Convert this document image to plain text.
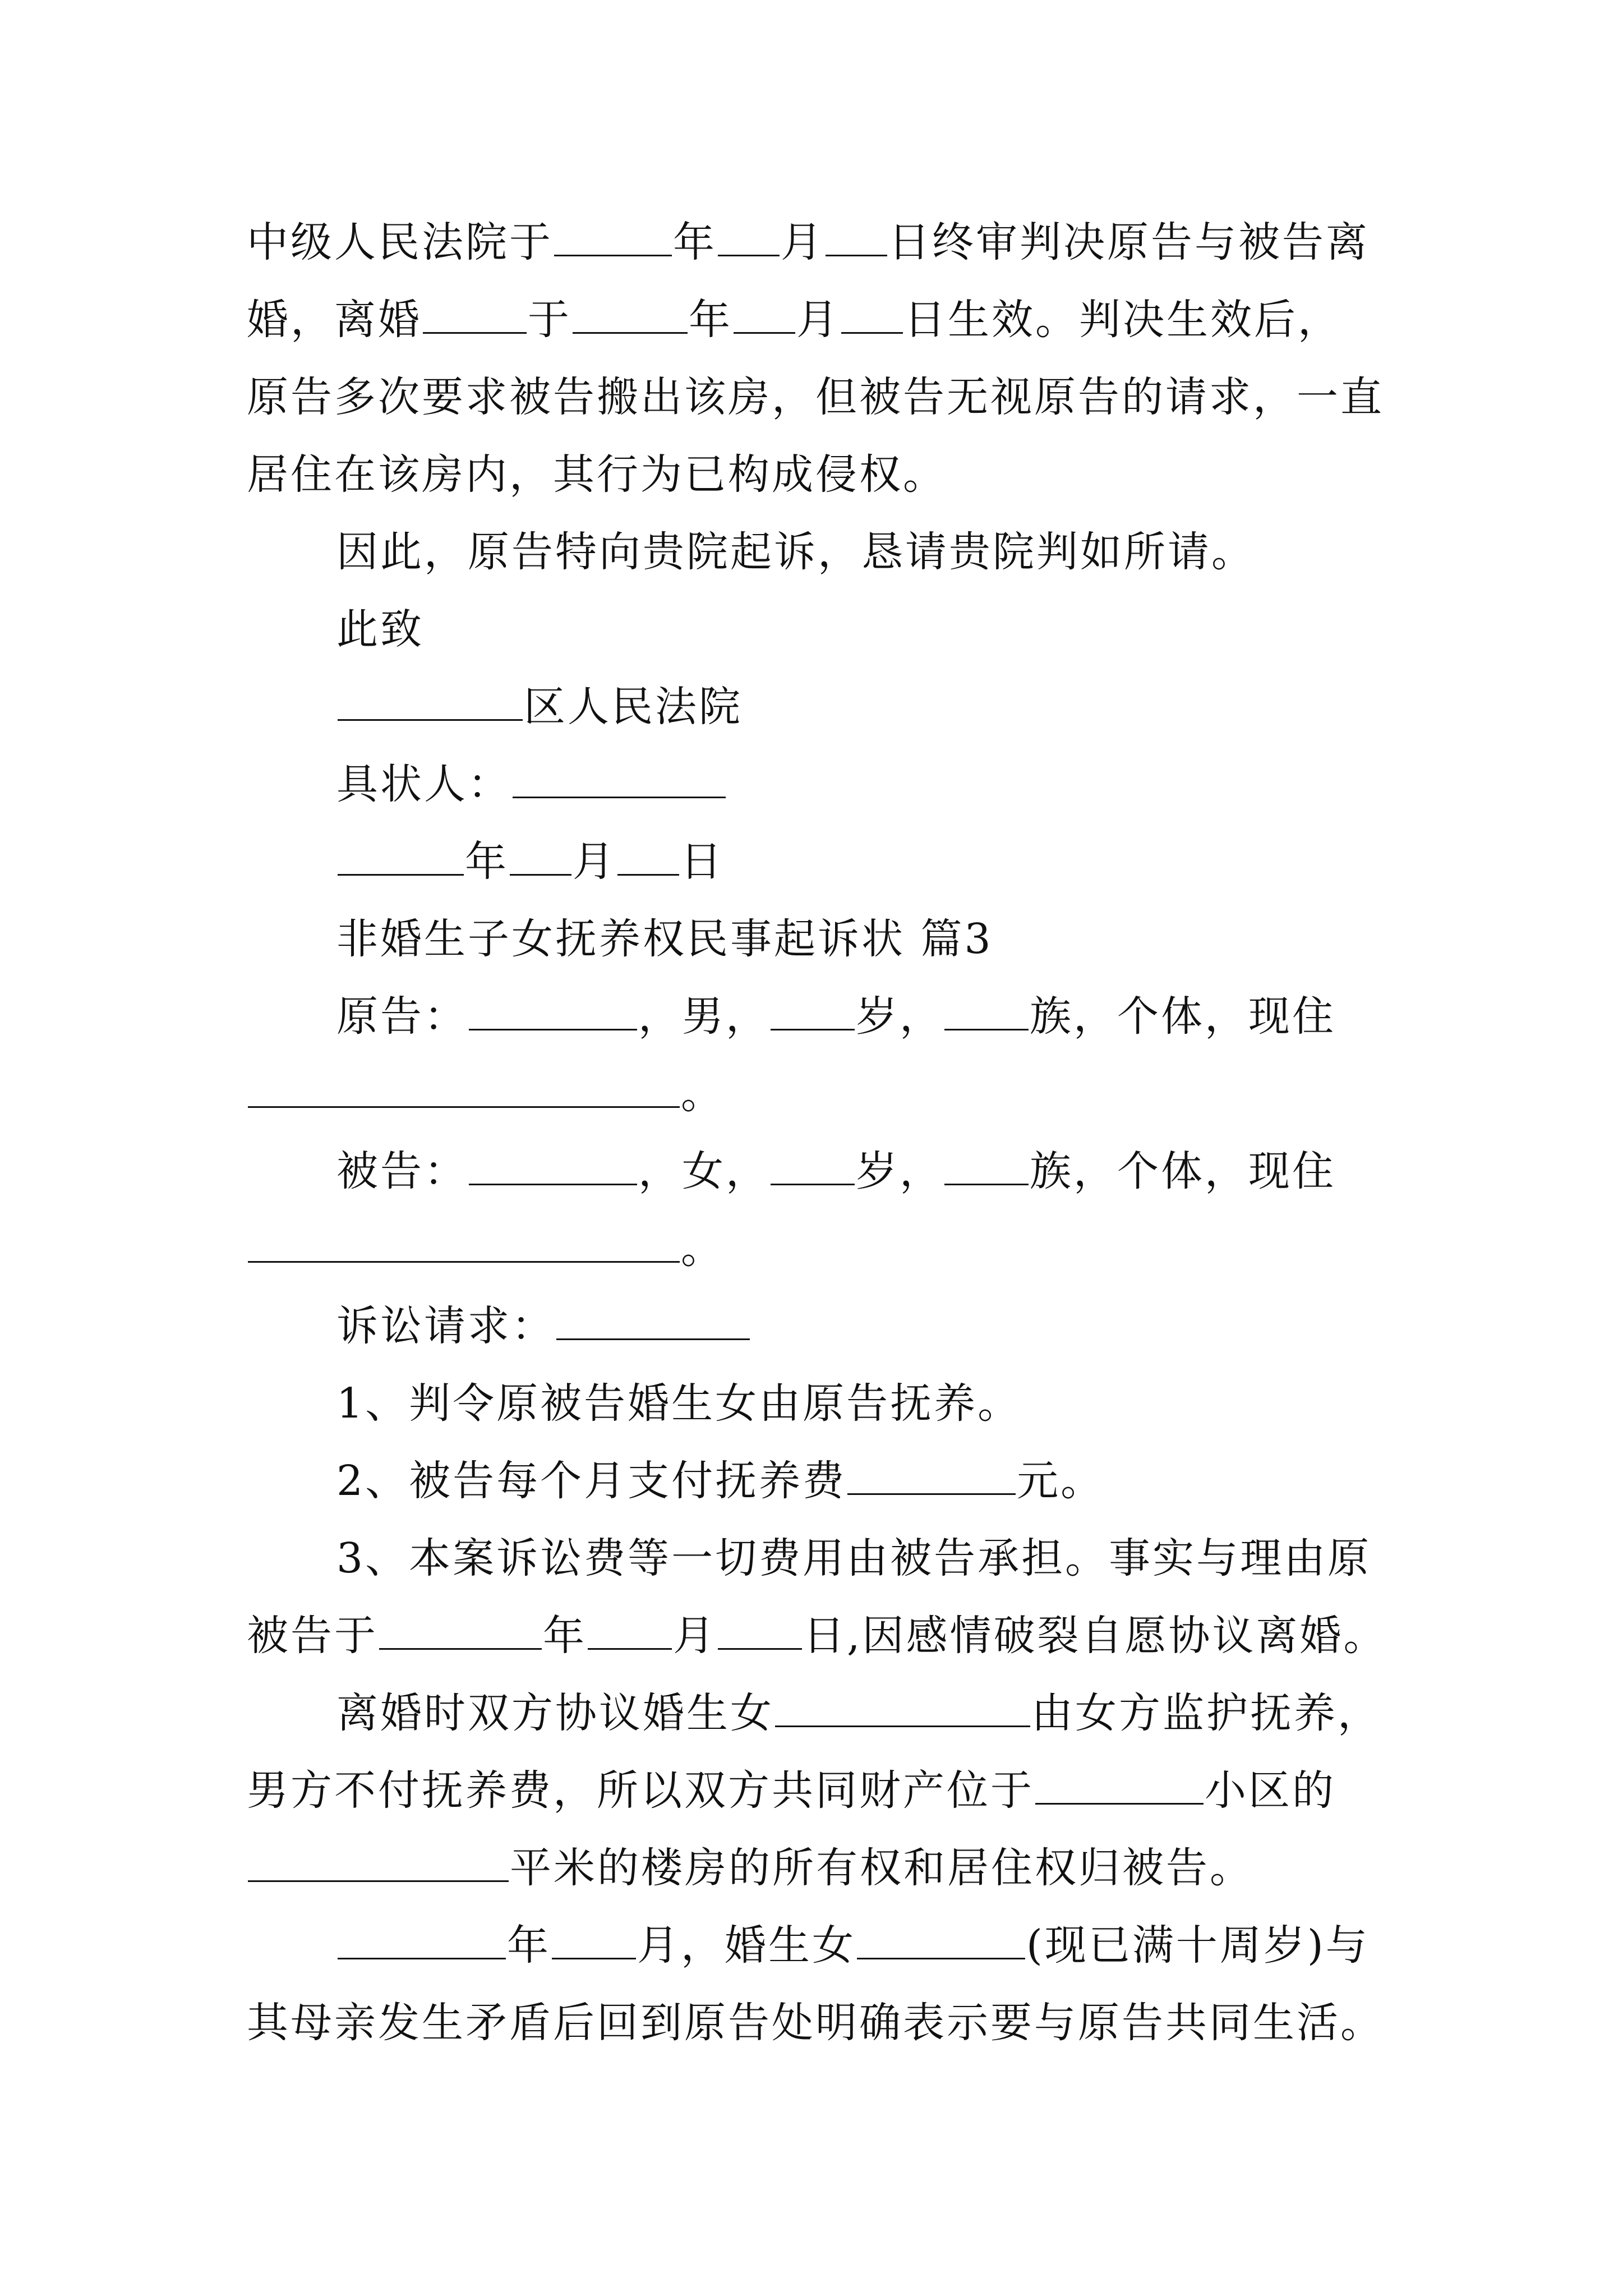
中级人民法院于	年 月 日终审判决原告与被告离
婚，离婚	于	年 月 日生效。判决生效后，
原告多次要求被告搬出该房，但被告无视原告的请求，一直
居住在该房内，其行为已构成侵权。
因此，原告特向贵院起诉，恳请贵院判如所请。
此致
区人民法院
具状人：
年 月 日
非婚生子女抚养权民事起诉状 篇3
原告：	，男， 岁， 族，个体，现住
。
被告：	，女， 岁， 族，个体，现住
。
诉讼请求：
1、判令原被告婚生女由原告抚养。
2、被告每个月支付抚养费	元。
3、本案诉讼费等一切费用由被告承担。事实与理由原
被告于	年 月 日,因感情破裂自愿协议离婚。
离婚时双方协议婚生女	由女方监护抚养，
男方不付抚养费，所以双方共同财产位于	小区的
平米的楼房的所有权和居住权归被告。
年 月，婚生女	(现已满十周岁)与
其母亲发生矛盾后回到原告处明确表示要与原告共同生活。
